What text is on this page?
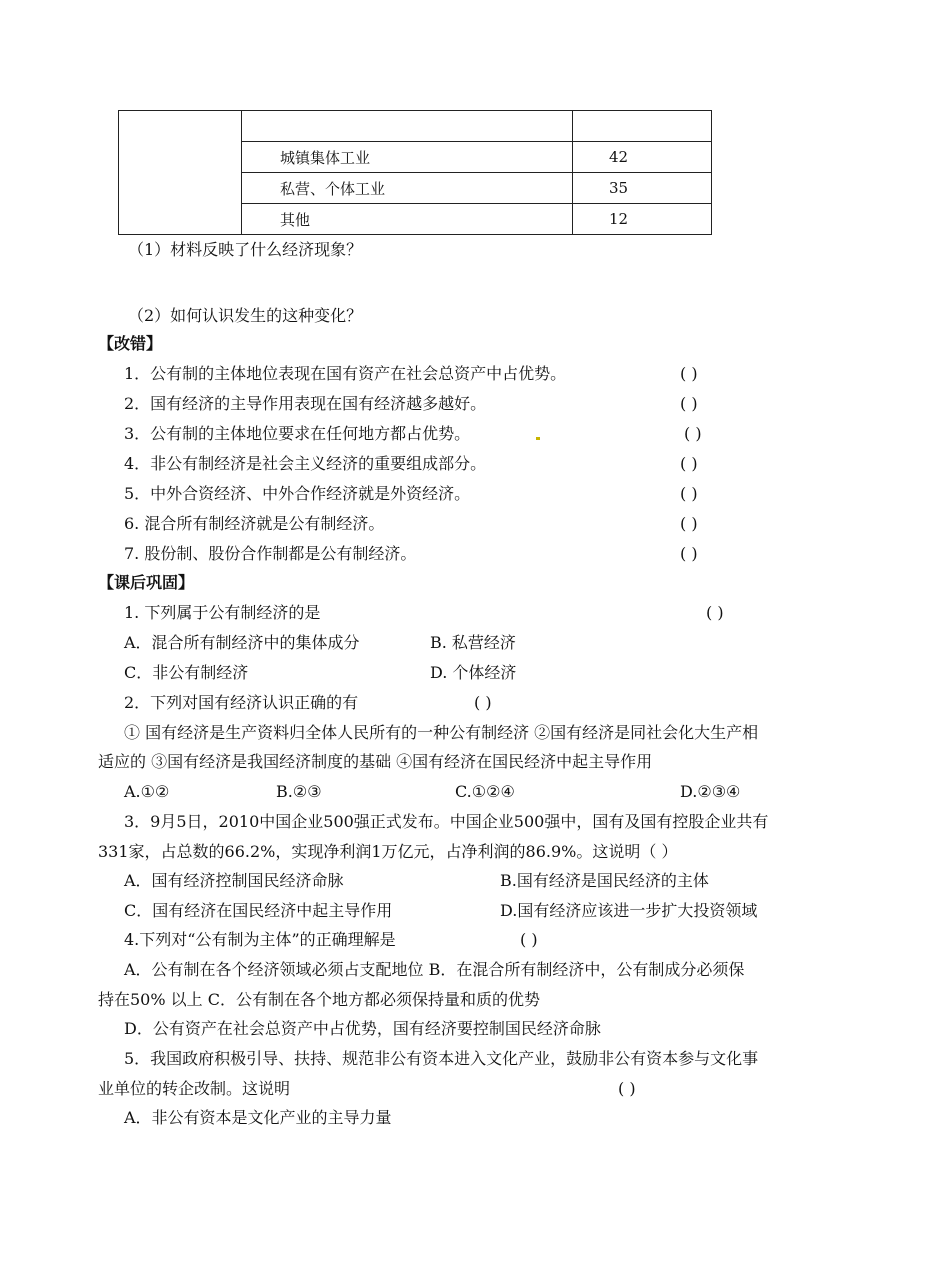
	城镇集体工业	42
	私营、个体工业	35
	其他	12
（1）材料反映了什么经济现象？
（2）如何认识发生的这种变化？
【改错】
1．公有制的主体地位表现在国有资产在社会总资产中占优势。	( )
2．国有经济的主导作用表现在国有经济越多越好。	( )
3．公有制的主体地位要求在任何地方都占优势。	( )
4．非公有制经济是社会主义经济的重要组成部分。	( )
5．中外合资经济、中外合作经济就是外资经济。	( )
6. 混合所有制经济就是公有制经济。	( )
7. 股份制、股份合作制都是公有制经济。	( )
【课后巩固】
1. 下列属于公有制经济的是	( )
A．混合所有制经济中的集体成分	B. 私营经济
C．非公有制经济	D. 个体经济
2．下列对国有经济认识正确的有	( )
① 国有经济是生产资料归全体人民所有的一种公有制经济 ②国有经济是同社会化大生产相
适应的 ③国有经济是我国经济制度的基础 ④国有经济在国民经济中起主导作用
A.①②	B.②③	C.①②④	D.②③④
3．9月5日，2010中国企业500强正式发布。中国企业500强中，国有及国有控股企业共有
331家，占总数的66.2%，实现净利润1万亿元，占净利润的86.9%。这说明（ ）
A．国有经济控制国民经济命脉	B.国有经济是国民经济的主体
C．国有经济在国民经济中起主导作用	D.国有经济应该进一步扩大投资领域
4.下列对“公有制为主体”的正确理解是	( )
A．公有制在各个经济领域必须占支配地位 B．在混合所有制经济中，公有制成分必须保
持在50% 以上 C．公有制在各个地方都必须保持量和质的优势
D．公有资产在社会总资产中占优势，国有经济要控制国民经济命脉
5．我国政府积极引导、扶持、规范非公有资本进入文化产业，鼓励非公有资本参与文化事
业单位的转企改制。这说明	( )
A．非公有资本是文化产业的主导力量
